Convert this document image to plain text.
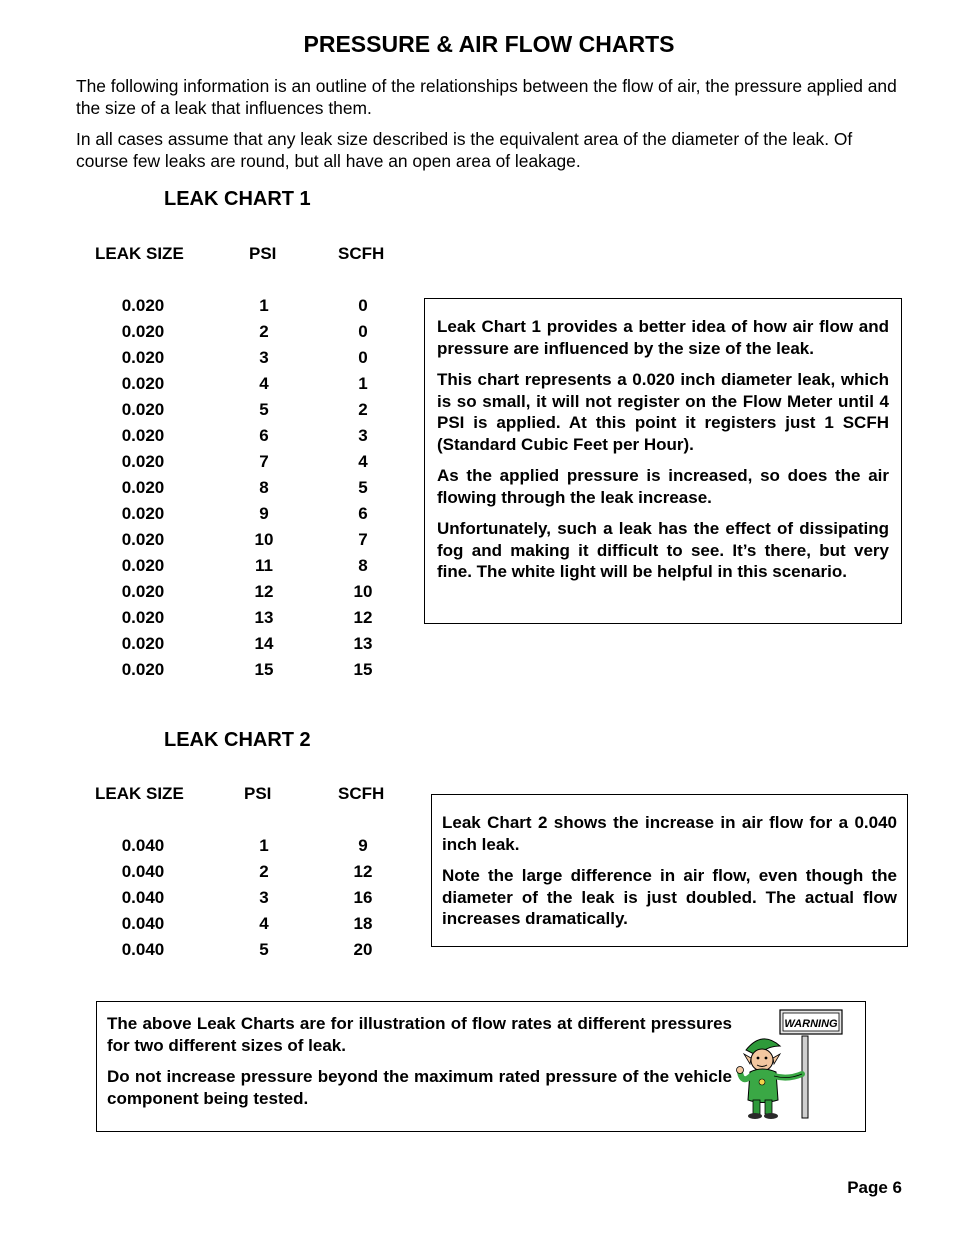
PRESSURE & AIR FLOW CHARTS

The following information is an outline of the relationships between the flow of air, the pressure applied and the size of a leak that influences them.

In all cases assume that any leak size described is the equivalent area of the diameter of the leak. Of course few leaks are round, but all have an open area of leakage.

LEAK CHART 1
LEAK SIZE	PSI	SCFH
0.020	1	0
0.020	2	0
0.020	3	0
0.020	4	1
0.020	5	2
0.020	6	3
0.020	7	4
0.020	8	5
0.020	9	6
0.020	10	7
0.020	11	8
0.020	12	10
0.020	13	12
0.020	14	13
0.020	15	15

Leak Chart 1 provides a better idea of how air flow and pressure are influenced by the size of the leak.

This chart represents a 0.020 inch diameter leak, which is so small, it will not register on the Flow Meter until 4 PSI is applied. At this point it registers just 1 SCFH (Standard Cubic Feet per Hour).

As the applied pressure is increased, so does the air flowing through the leak increase.

Unfortunately, such a leak has the effect of dissipating fog and making it difficult to see. It’s there, but very fine. The white light will be helpful in this scenario.

LEAK CHART 2
LEAK SIZE	PSI	SCFH
0.040	1	9
0.040	2	12
0.040	3	16
0.040	4	18
0.040	5	20

Leak Chart 2 shows the increase in air flow for a 0.040 inch leak.

Note the large difference in air flow, even though the diameter of the leak is just doubled. The actual flow increases dramatically.

The above Leak Charts are for illustration of flow rates at different pressures for two different sizes of leak.

Do not increase pressure beyond the maximum rated pressure of the vehicle component being tested.

WARNING
Page 6
